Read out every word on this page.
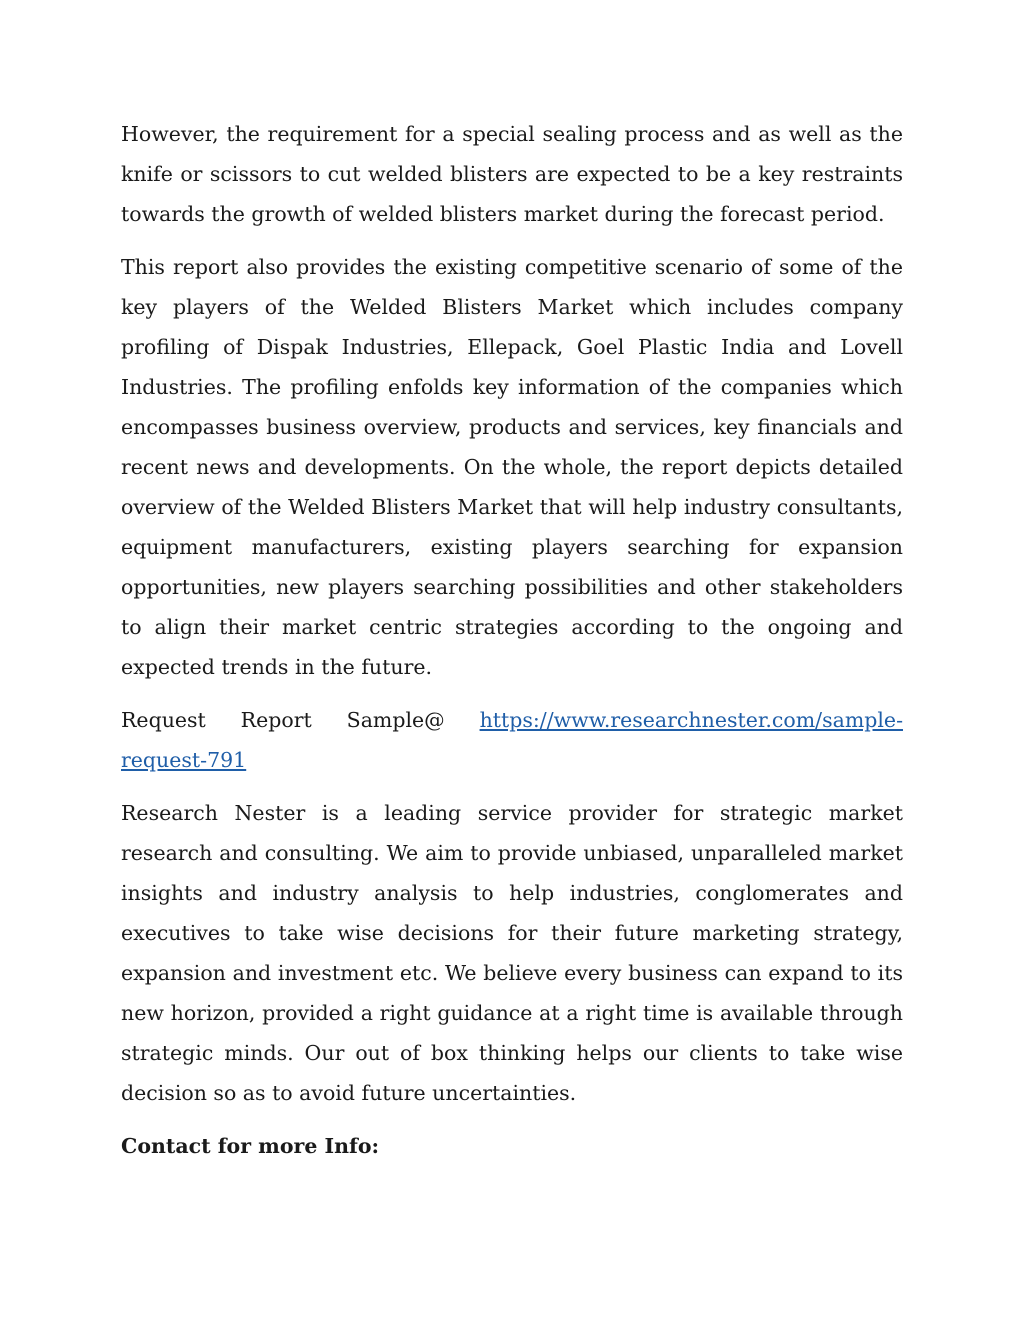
However, the requirement for a special sealing process and as well as the knife or scissors to cut welded blisters are expected to be a key restraints towards the growth of welded blisters market during the forecast period.

This report also provides the existing competitive scenario of some of the key players of the Welded Blisters Market which includes company profiling of Dispak Industries, Ellepack, Goel Plastic India and Lovell Industries. The profiling enfolds key information of the companies which encompasses business overview, products and services, key financials and recent news and developments. On the whole, the report depicts detailed overview of the Welded Blisters Market that will help industry consultants, equipment manufacturers, existing players searching for expansion opportunities, new players searching possibilities and other stakeholders to align their market centric strategies according to the ongoing and expected trends in the future.

Request Report Sample@ https://www.researchnester.com/sample-request-791

Research Nester is a leading service provider for strategic market research and consulting. We aim to provide unbiased, unparalleled market insights and industry analysis to help industries, conglomerates and executives to take wise decisions for their future marketing strategy, expansion and investment etc. We believe every business can expand to its new horizon, provided a right guidance at a right time is available through strategic minds. Our out of box thinking helps our clients to take wise decision so as to avoid future uncertainties.

Contact for more Info:
